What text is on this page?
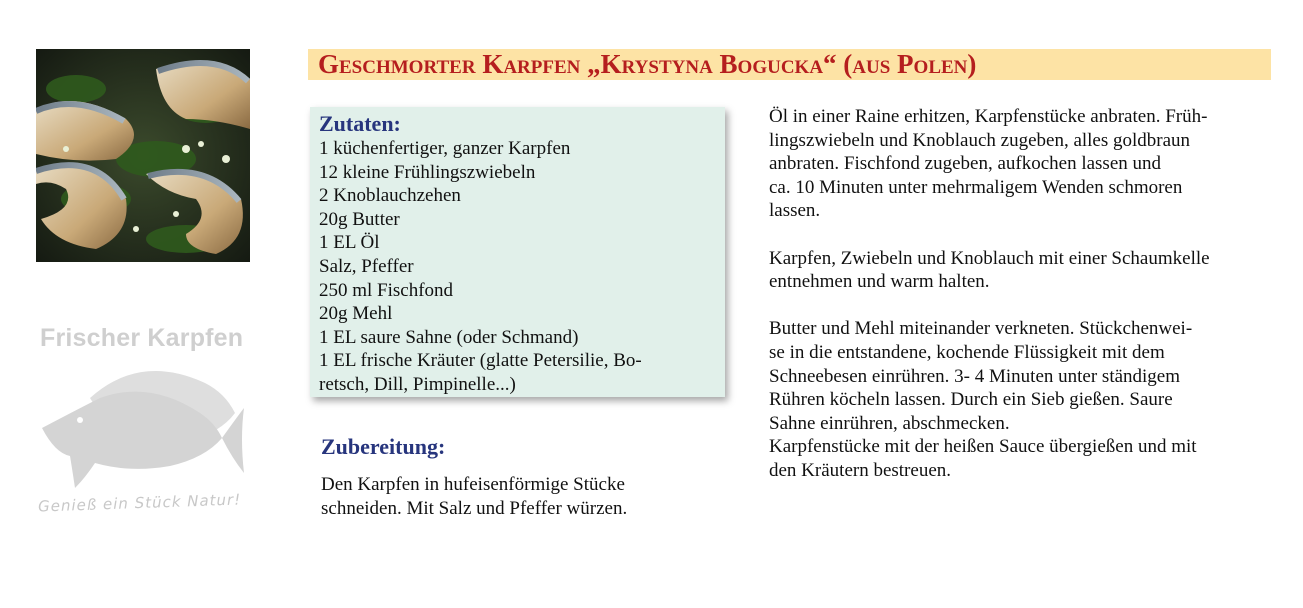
Frischer Karpfen
Genieß ein Stück Natur!
Geschmorter Karpfen „Krystyna Bogucka“ (aus Polen)
Zutaten:
1 küchenfertiger, ganzer Karpfen
12 kleine Frühlingszwiebeln
2 Knoblauchzehen
20g Butter
1 EL Öl
Salz, Pfeffer
250 ml Fischfond
20g Mehl
1 EL saure Sahne (oder Schmand)
1 EL frische Kräuter (glatte Petersilie, Bo-
retsch, Dill, Pimpinelle...)
Zubereitung:

Den Karpfen in hufeisenförmige Stücke
schneiden. Mit Salz und Pfeffer würzen.

Öl in einer Raine erhitzen, Karpfenstücke anbraten. Früh-
lingszwiebeln und Knoblauch zugeben, alles goldbraun
anbraten. Fischfond zugeben, aufkochen lassen und
ca. 10 Minuten unter mehrmaligem Wenden schmoren
lassen.

Karpfen, Zwiebeln und Knoblauch mit einer Schaumkelle
entnehmen und warm halten.

Butter und Mehl miteinander verkneten. Stückchenwei-
se in die entstandene, kochende Flüssigkeit mit dem
Schneebesen einrühren. 3- 4 Minuten unter ständigem
Rühren köcheln lassen. Durch ein Sieb gießen. Saure
Sahne einrühren, abschmecken.

Karpfenstücke mit der heißen Sauce übergießen und mit
den Kräutern bestreuen.
